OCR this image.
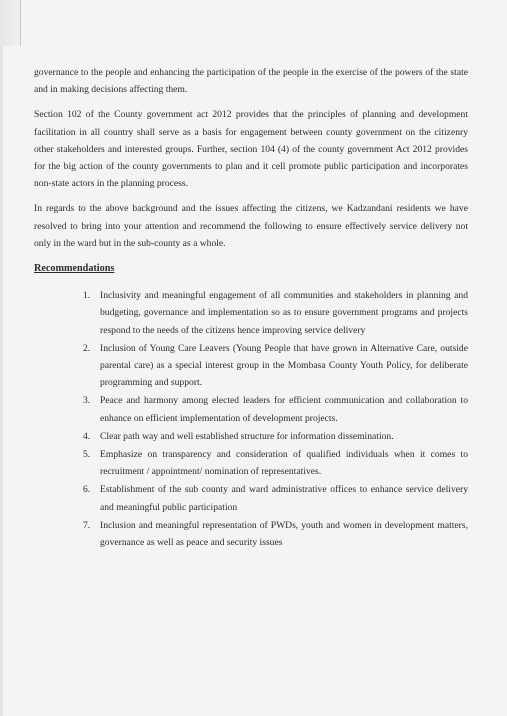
governance to the people and enhancing the participation of the people in the exercise of the powers of the state and in making decisions affecting them.

Section 102 of the County government act 2012 provides that the principles of planning and development facilitation in all country shall serve as a basis for engagement between county government on the citizenry other stakeholders and interested groups. Further, section 104 (4) of the county government Act 2012 provides for the big action of the county governments to plan and it cell promote public participation and incorporates non-state actors in the planning process.

In regards to the above background and the issues affecting the citizens, we Kadzandani residents we have resolved to bring into your attention and recommend the following to ensure effectively service delivery not only in the ward but in the sub-county as a whole.

Recommendations
1. Inclusivity and meaningful engagement of all communities and stakeholders in planning and budgeting, governance and implementation so as to ensure government programs and projects respond to the needs of the citizens hence improving service delivery
2. Inclusion of Young Care Leavers (Young People that have grown in Alternative Care, outside parental care) as a special interest group in the Mombasa County Youth Policy, for deliberate programming and support.
3. Peace and harmony among elected leaders for efficient communication and collaboration to enhance on efficient implementation of development projects.
4. Clear path way and well established structure for information dissemination.
5. Emphasize on transparency and consideration of qualified individuals when it comes to recruitment / appointment/ nomination of representatives.
6. Establishment of the sub county and ward administrative offices to enhance service delivery and meaningful public participation
7. Inclusion and meaningful representation of PWDs, youth and women in development matters, governance as well as peace and security issues
